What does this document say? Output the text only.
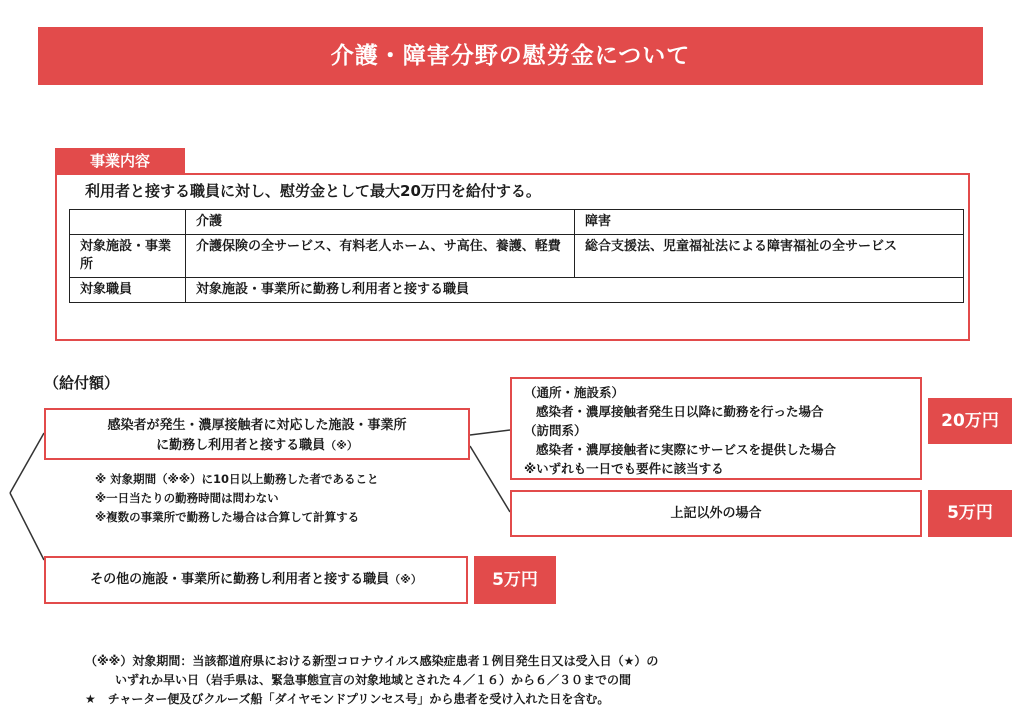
介護・障害分野の慰労金について
事業内容
利用者と接する職員に対し、慰労金として最大20万円を給付する。
	介護	障害
対象施設・事業所	介護保険の全サービス、有料老人ホーム、サ高住、養護、軽費	総合支援法、児童福祉法による障害福祉の全サービス
対象職員	対象施設・事業所に勤務し利用者と接する職員	
（給付額）
感染者が発生・濃厚接触者に対応した施設・事業所
に勤務し利用者と接する職員（※）
※ 対象期間（※※）に10日以上勤務した者であること
※一日当たりの勤務時間は問わない
※複数の事業所で勤務した場合は合算して計算する
（通所・施設系）
感染者・濃厚接触者発生日以降に勤務を行った場合
（訪問系）
感染者・濃厚接触者に実際にサービスを提供した場合
※いずれも一日でも要件に該当する
20万円
上記以外の場合	5万円
その他の施設・事業所に勤務し利用者と接する職員（※）	5万円
（※※）対象期間：当該都道府県における新型コロナウイルス感染症患者１例目発生日又は受入日（★）の
いずれか早い日（岩手県は、緊急事態宣言の対象地域とされた４／１６）から６／３０までの間
★　チャーター便及びクルーズ船「ダイヤモンドプリンセス号」から患者を受け入れた日を含む。
